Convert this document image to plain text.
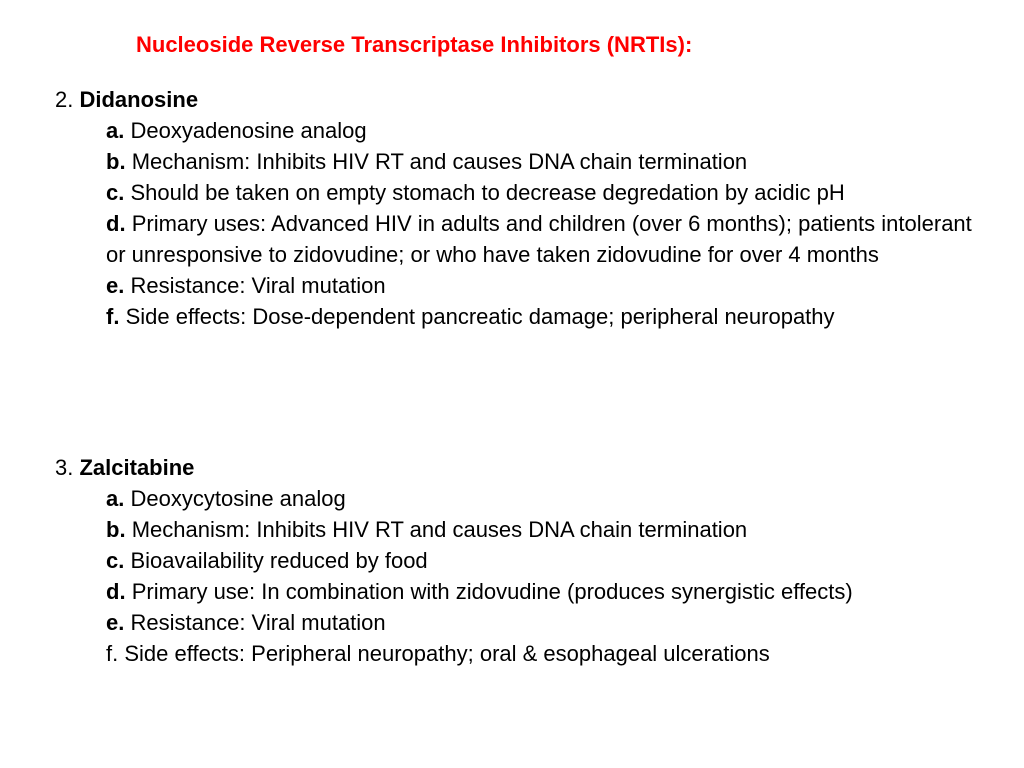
Nucleoside Reverse Transcriptase Inhibitors (NRTIs):
2. Didanosine
a. Deoxyadenosine analog
b. Mechanism: Inhibits HIV RT and causes DNA chain termination
c. Should be taken on empty stomach to decrease degredation by acidic pH
d. Primary uses: Advanced HIV in adults and children (over 6 months); patients intolerant or unresponsive to zidovudine; or who have taken zidovudine for over 4 months
e. Resistance: Viral mutation
f. Side effects: Dose-dependent pancreatic damage; peripheral neuropathy
3. Zalcitabine
a. Deoxycytosine analog
b. Mechanism: Inhibits HIV RT and causes DNA chain termination
c. Bioavailability reduced by food
d. Primary use: In combination with zidovudine (produces synergistic effects)
e. Resistance: Viral mutation
f. Side effects: Peripheral neuropathy; oral & esophageal ulcerations
